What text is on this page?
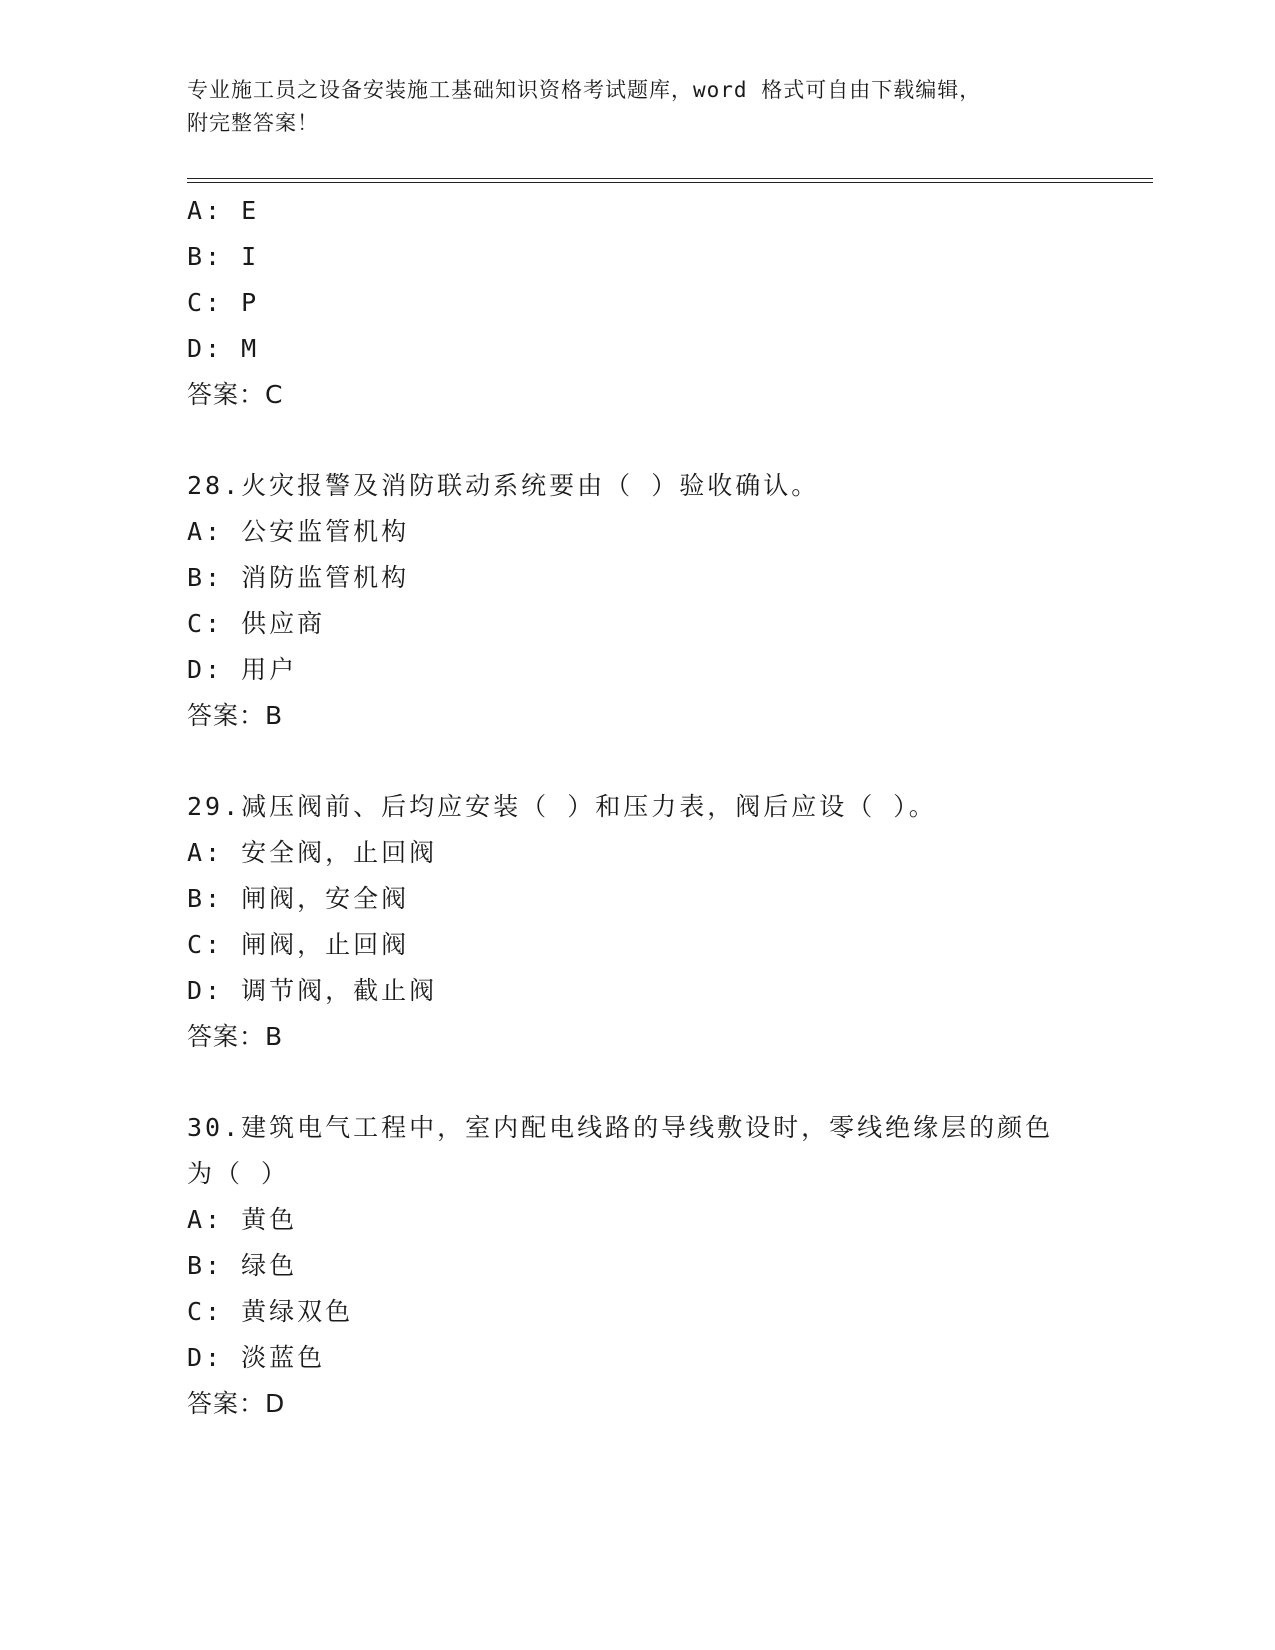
专业施工员之设备安装施工基础知识资格考试题库，word 格式可自由下载编辑，
附完整答案！
A: E
B: I
C: P
D: M
答案：C
28.火灾报警及消防联动系统要由（ ）验收确认。
A: 公安监管机构
B: 消防监管机构
C: 供应商
D: 用户
答案：B
29.减压阀前、后均应安装（ ）和压力表，阀后应设（ ）。
A: 安全阀，止回阀
B: 闸阀，安全阀
C: 闸阀，止回阀
D: 调节阀，截止阀
答案：B
30.建筑电气工程中，室内配电线路的导线敷设时，零线绝缘层的颜色为（ ）
A: 黄色
B: 绿色
C: 黄绿双色
D: 淡蓝色
答案：D
